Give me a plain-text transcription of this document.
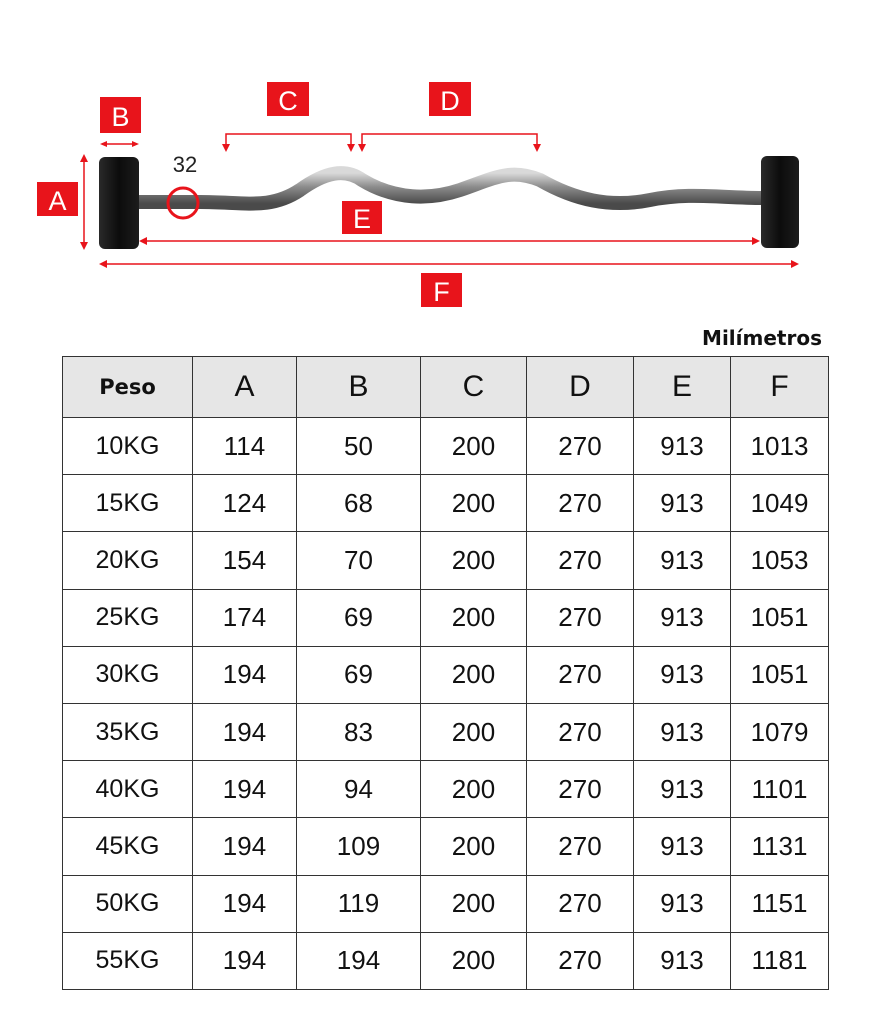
32
A
B
C	D
E
F
Milímetros
Peso	A	B	C	D	E	F
10KG	114	50	200	270	913	1013
15KG	124	68	200	270	913	1049
20KG	154	70	200	270	913	1053
25KG	174	69	200	270	913	1051
30KG	194	69	200	270	913	1051
35KG	194	83	200	270	913	1079
40KG	194	94	200	270	913	1101
45KG	194	109	200	270	913	1131
50KG	194	119	200	270	913	1151
55KG	194	194	200	270	913	1181
